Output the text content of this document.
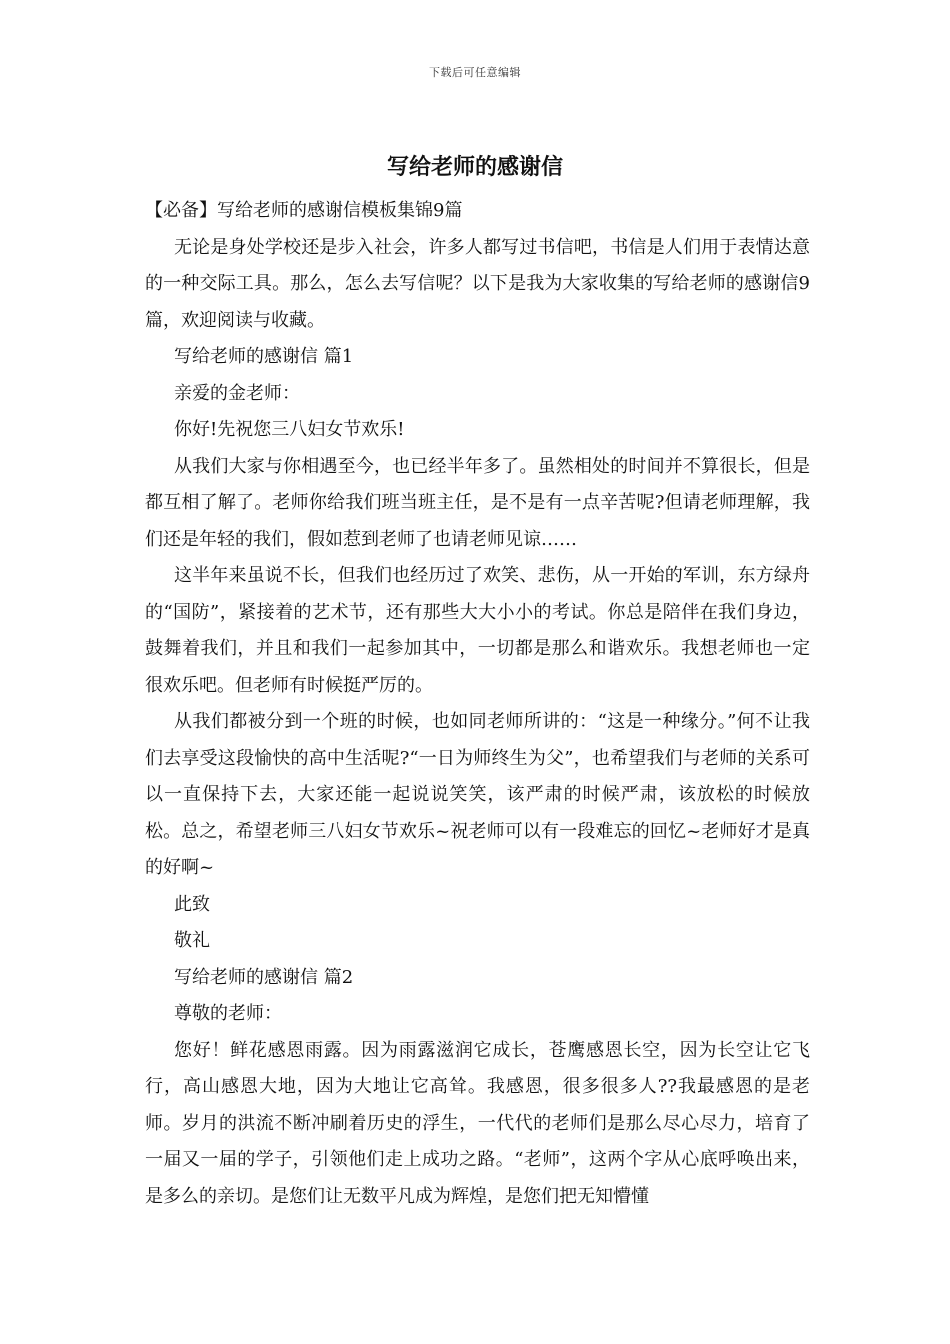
下载后可任意编辑
写给老师的感谢信

【必备】写给老师的感谢信模板集锦9篇

无论是身处学校还是步入社会，许多人都写过书信吧，书信是人们用于表情达意的一种交际工具。那么，怎么去写信呢？以下是我为大家收集的写给老师的感谢信9篇，欢迎阅读与收藏。

写给老师的感谢信 篇1

亲爱的金老师：

你好!先祝您三八妇女节欢乐!

从我们大家与你相遇至今，也已经半年多了。虽然相处的时间并不算很长，但是都互相了解了。老师你给我们班当班主任，是不是有一点辛苦呢?但请老师理解，我们还是年轻的我们，假如惹到老师了也请老师见谅……

这半年来虽说不长，但我们也经历过了欢笑、悲伤，从一开始的军训，东方绿舟的“国防”，紧接着的艺术节，还有那些大大小小的考试。你总是陪伴在我们身边，鼓舞着我们，并且和我们一起参加其中，一切都是那么和谐欢乐。我想老师也一定很欢乐吧。但老师有时候挺严厉的。

从我们都被分到一个班的时候，也如同老师所讲的：“这是一种缘分。”何不让我们去享受这段愉快的高中生活呢?“一日为师终生为父”，也希望我们与老师的关系可以一直保持下去，大家还能一起说说笑笑，该严肃的时候严肃，该放松的时候放松。总之，希望老师三八妇女节欢乐~祝老师可以有一段难忘的回忆~老师好才是真的好啊~

此致

敬礼

写给老师的感谢信 篇2

尊敬的老师：

您好！鲜花感恩雨露。因为雨露滋润它成长，苍鹰感恩长空，因为长空让它飞行，高山感恩大地，因为大地让它高耸。我感恩，很多很多人??我最感恩的是老师。岁月的洪流不断冲刷着历史的浮生，一代代的老师们是那么尽心尽力，培育了一届又一届的学子，引领他们走上成功之路。“老师”，这两个字从心底呼唤出来，是多么的亲切。是您们让无数平凡成为辉煌，是您们把无知懵懂
